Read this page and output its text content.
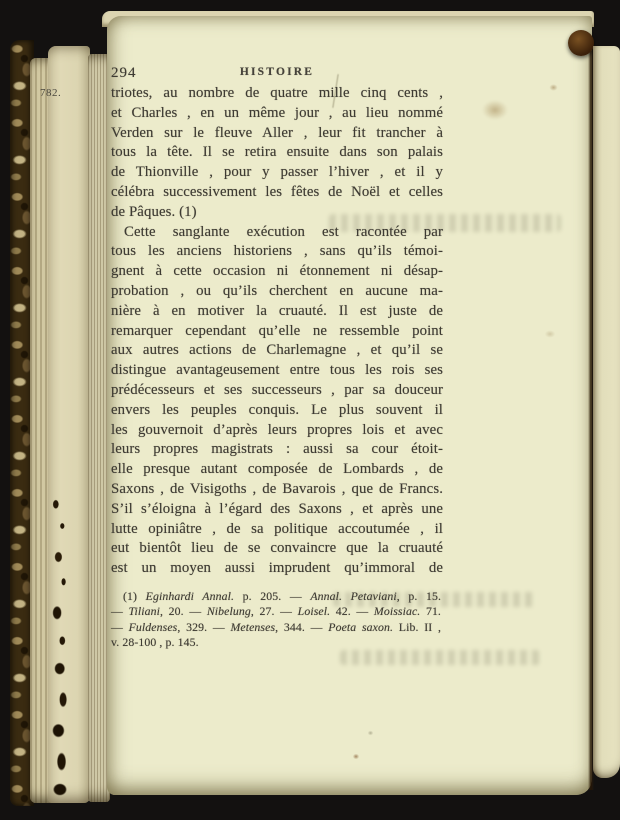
294	HISTOIRE
782.	triotes, au nombre de quatre mille cinq cents ,
et Charles , en un même jour , au lieu nommé
Verden sur le fleuve Aller , leur fit trancher à
tous la tête. Il se retira ensuite dans son palais
de Thionville , pour y passer l’hiver , et il y
célébra successivement les fêtes de Noël et celles
de Pâques. (1)
Cette sanglante exécution est racontée par
tous les anciens historiens , sans qu’ils témoi-
gnent à cette occasion ni étonnement ni désap-
probation , ou qu’ils cherchent en aucune ma-
nière à en motiver la cruauté. Il est juste de
remarquer cependant qu’elle ne ressemble point
aux autres actions de Charlemagne , et qu’il se
distingue avantageusement entre tous les rois ses
prédécesseurs et ses successeurs , par sa douceur
envers les peuples conquis. Le plus souvent il
les gouvernoit d’après leurs propres lois et avec
leurs propres magistrats : aussi sa cour étoit-
elle presque autant composée de Lombards , de
Saxons , de Visigoths , de Bavarois , que de Francs.
S’il s’éloigna à l’égard des Saxons , et après une
lutte opiniâtre , de sa politique accoutumée , il
eut bientôt lieu de se convaincre que la cruauté
est un moyen aussi imprudent qu’immoral de
(1) Eginhardi Annal. p. 205. — Annal. Petaviani, p. 15.
— Tiliani, 20. — Nibelung, 27. — Loisel. 42. — Moissiac. 71.
— Fuldenses, 329. — Metenses, 344. — Poeta saxon. Lib. II ,
v. 28-100 , p. 145.
